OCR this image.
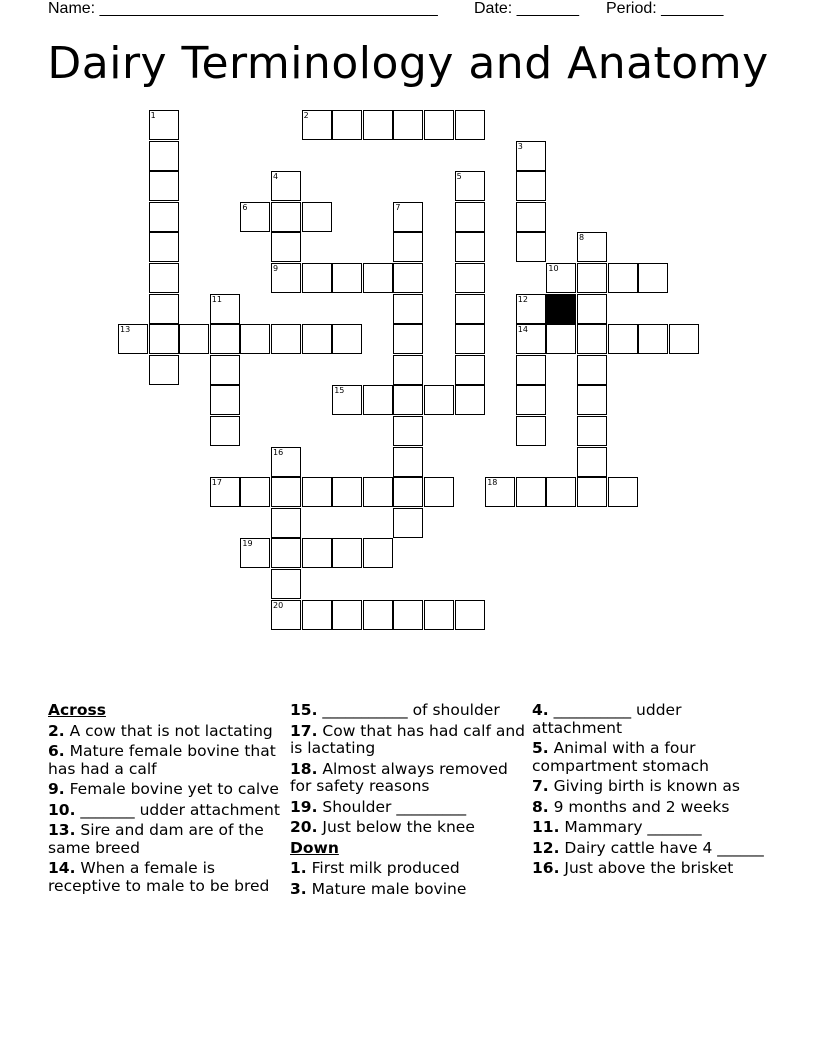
Name: ______________________________________ Date: _______ Period: _______
Dairy Terminology and Anatomy
1	2
3
4	5
6	7
8
9	10
11	12
13	14
15
16
17	18
19
20
Across
2. A cow that is not lactating
6. Mature female bovine that has had a calf
9. Female bovine yet to calve
10. _______ udder attachment
13. Sire and dam are of the same breed
14. When a female is receptive to male to be bred
15. ___________ of shoulder
17. Cow that has had calf and is lactating
18. Almost always removed for safety reasons
19. Shoulder _________
20. Just below the knee
Down
1. First milk produced
3. Mature male bovine
4. __________ udder attachment
5. Animal with a four compartment stomach
7. Giving birth is known as
8. 9 months and 2 weeks
11. Mammary _______
12. Dairy cattle have 4 ______
16. Just above the brisket
